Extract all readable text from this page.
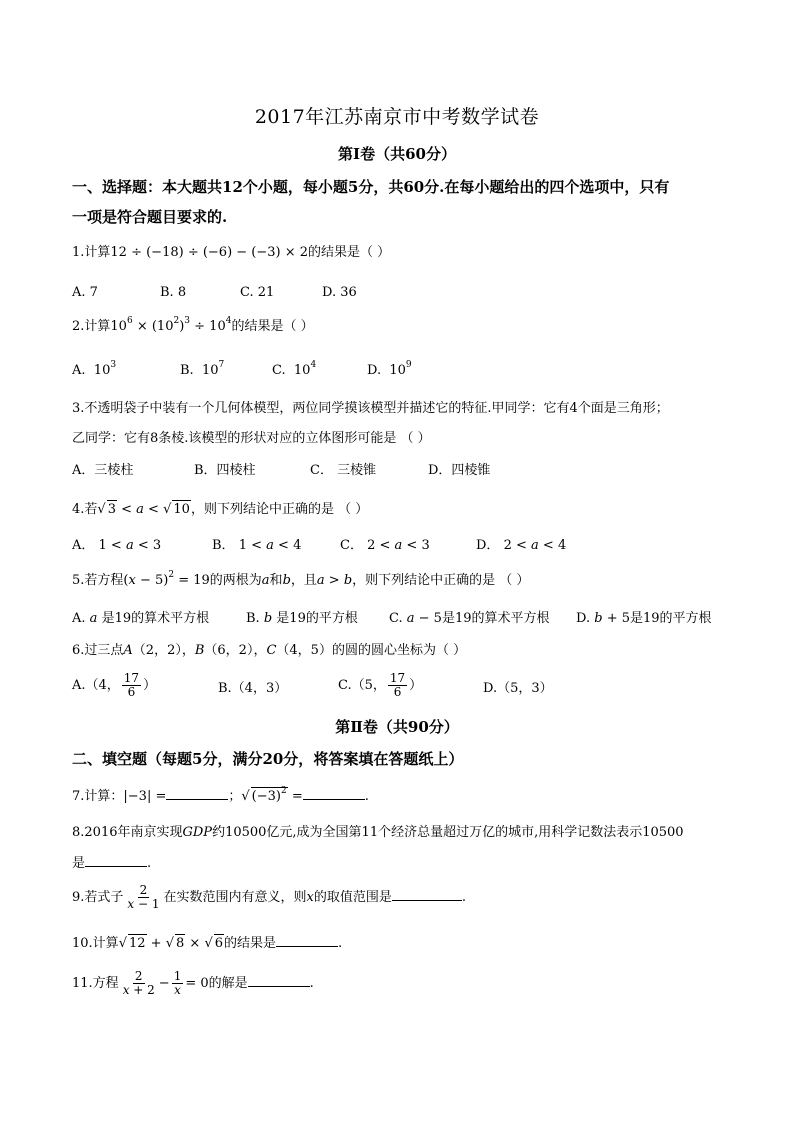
2017年江苏南京市中考数学试卷
第Ⅰ卷（共60分）
一、选择题：本大题共12个小题，每小题5分，共60分.在每小题给出的四个选项中，只有
一项是符合题目要求的.
1.计算12 ÷ (−18) ÷ (−6) − (−3) × 2的结果是（ ）
A. 7	B. 8	C. 21	D. 36
2.计算$10^6 \times (10^2)^3 \div 10^4$的结果是（ ）
A. $10^3$	B. $10^7$	C. $10^4$	D. $10^9$
3.不透明袋子中装有一个几何体模型，两位同学摸该模型并描述它的特征.甲同学：它有4个面是三角形；
乙同学：它有8条棱.该模型的形状对应的立体图形可能是 （ ）
A．三棱柱	B．四棱柱	C． 三棱锥	D．四棱锥
4.若√ 3 < a < √ 10，则下列结论中正确的是 （ ）
A． 1 < a < 3	B． 1 < a < 4	C． 2 < a < 3	D． 2 < a < 4
5.若方程$(x - 5)^2 = 19$的两根为a和b，且a > b，则下列结论中正确的是 （ ）
A. a 是19的算术平方根	B. b 是19的平方根 C. a − 5是19的算术平方根 D. b + 5是19的平方根
6.过三点A（2，2），B（6，2），C（4，5）的圆的圆心坐标为（ ）
A.（4， $\frac{17}{6}$ ）	B.（4，3）	C.（5， $\frac{17}{6}$ ）	D.（5，3）
第Ⅱ卷（共90分）
二、填空题（每题5分，满分20分，将答案填在答题纸上）
7.计算：|−3| =	；√ $(-3)^2$ =	.
8.2016年南京实现GDP约10500亿元,成为全国第11个经济总量超过万亿的城市,用科学记数法表示10500
是	.
9.若式子 $\frac{2}{x - 1}$ 在实数范围内有意义，则x的取值范围是	.
10.计算√ 12 + √ 8 × √ 6的结果是	.
11.方程 $\frac{2}{x + 2} - \frac{1}{x} = 0$的解是	.
